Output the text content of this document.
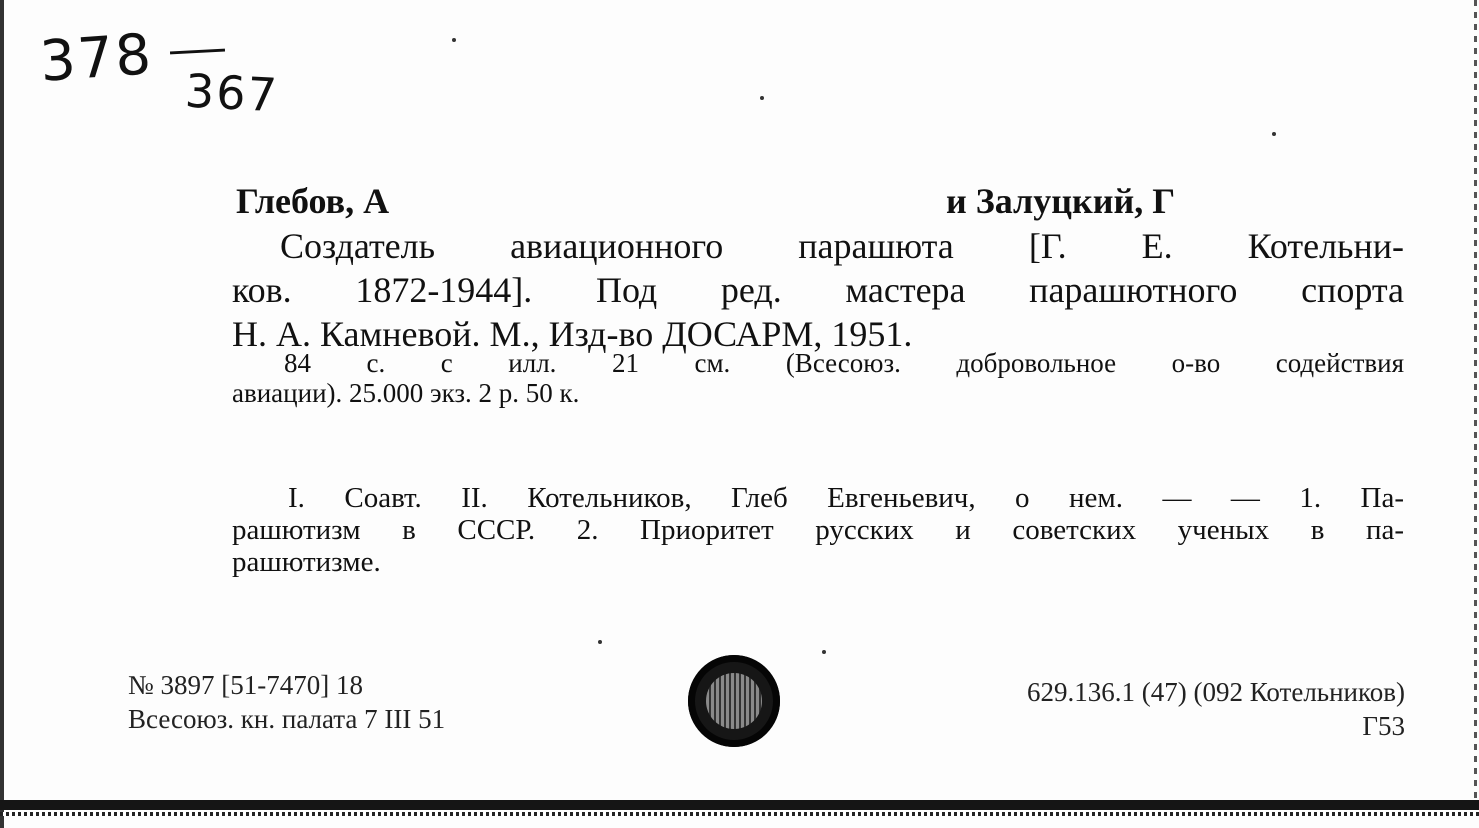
378 367
Глебов, А	и Залуцкий, Г
Создатель авиационного парашюта [Г. Е. Котельни-
ков. 1872-1944]. Под ред. мастера парашютного спорта
Н. А. Камневой. М., Изд-во ДОСАРМ, 1951.
84 с. с илл. 21 см. (Всесоюз. добровольное о-во содействия
авиации). 25.000 экз. 2 р. 50 к.
I. Соавт. II. Котельников, Глеб Евгеньевич, о нем. — — 1. Па-
рашютизм в СССР. 2. Приоритет русских и советских ученых в па-
рашютизме.
№ 3897 [51-7470] 18
Всесоюз. кн. палата 7 III 51
629.136.1 (47) (092 Котельников)
Г53
